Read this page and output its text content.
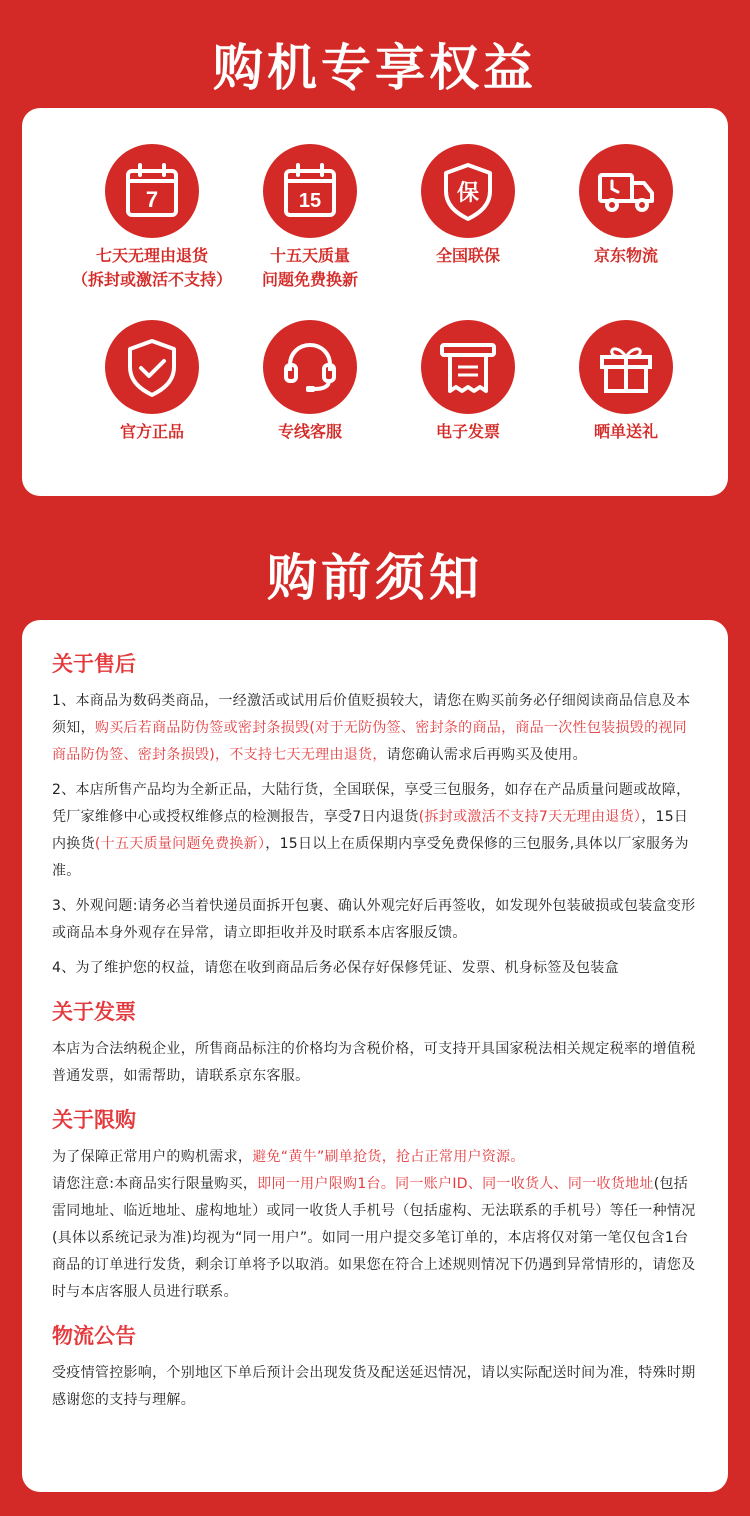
购机专享权益
7
七天无理由退货
（拆封或激活不支持）
15
十五天质量
问题免费换新
保
全国联保	京东物流
官方正品	专线客服	电子发票	晒单送礼
购前须知
关于售后
1、本商品为数码类商品，一经激活或试用后价值贬损较大，请您在购买前务必仔细阅读商品信息及本须知，购买后若商品防伪签或密封条损毁(对于无防伪签、密封条的商品，商品一次性包装损毁的视同商品防伪签、密封条损毁)，不支持七天无理由退货，请您确认需求后再购买及使用。
2、本店所售产品均为全新正品，大陆行货，全国联保，享受三包服务，如存在产品质量问题或故障，凭厂家维修中心或授权维修点的检测报告，享受7日内退货(拆封或激活不支持7天无理由退货），15日内换货(十五天质量问题免费换新），15日以上在质保期内享受免费保修的三包服务,具体以厂家服务为准。
3、外观问题:请务必当着快递员面拆开包裹、确认外观完好后再签收，如发现外包装破损或包装盒变形或商品本身外观存在异常，请立即拒收并及时联系本店客服反馈。
4、为了维护您的权益，请您在收到商品后务必保存好保修凭证、发票、机身标签及包装盒
关于发票
本店为合法纳税企业，所售商品标注的价格均为含税价格，可支持开具国家税法相关规定税率的增值税普通发票，如需帮助，请联系京东客服。
关于限购
为了保障正常用户的购机需求，避免“黄牛”刷单抢货，抢占正常用户资源。
请您注意:本商品实行限量购买，即同一用户限购1台。同一账户ID、同一收货人、同一收货地址(包括雷同地址、临近地址、虚构地址）或同一收货人手机号（包括虚构、无法联系的手机号）等任一种情况(具体以系统记录为准)均视为“同一用户”。如同一用户提交多笔订单的，本店将仅对第一笔仅包含1台商品的订单进行发货，剩余订单将予以取消。如果您在符合上述规则情况下仍遇到异常情形的，请您及时与本店客服人员进行联系。
物流公告
受疫情管控影响，个别地区下单后预计会出现发货及配送延迟情况，请以实际配送时间为准，特殊时期感谢您的支持与理解。
